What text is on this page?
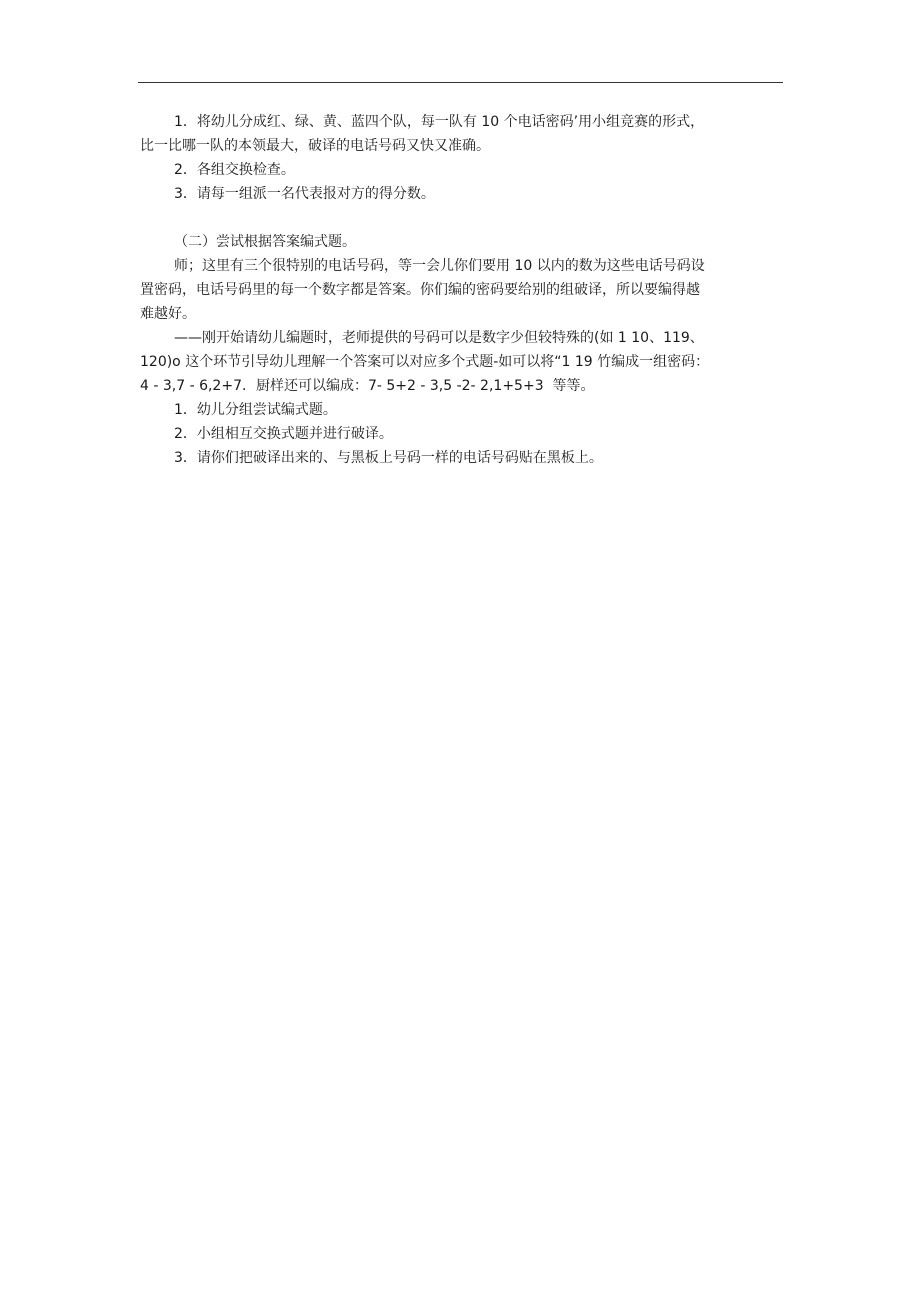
1．将幼儿分成红、绿、黄、蓝四个队，每一队有 10 个电话密码’用小组竞赛的形式，

比一比哪一队的本领最大，破译的电话号码又快又准确。

2．各组交换检查。

3．请每一组派一名代表报对方的得分数。

（二）尝试根据答案编式题。

师；这里有三个很特别的电话号码，等一会儿你们要用 10 以内的数为这些电话号码设

置密码，电话号码里的每一个数字都是答案。你们编的密码要给别的组破译，所以要编得越

难越好。

——刚开始请幼儿编题时，老师提供的号码可以是数字少但较特殊的(如 1 10、119、

120)o 这个环节引导幼儿理解一个答案可以对应多个式题-如可以将“1 19 竹编成一组密码：

4 - 3,7 - 6,2+7．厨样还可以编成：7- 5+2 - 3,5 -2- 2,1+5+3  等等。

1．幼儿分组尝试编式题。

2．小组相互交换式题并进行破译。

3．请你们把破译出来的、与黑板上号码一样的电话号码贴在黑板上。
